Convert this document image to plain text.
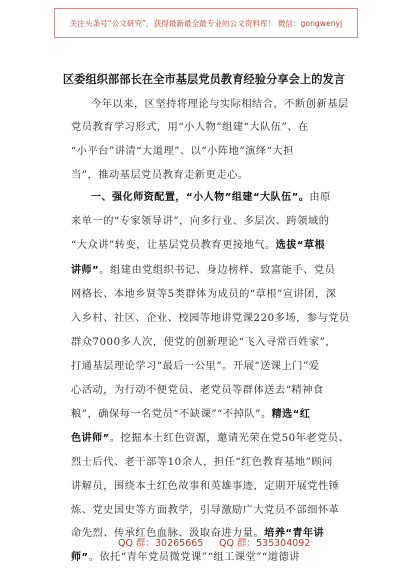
关注头条号“公文研究”，获得最新最全最专业的公文资料库！ 微信：gongwenyj
区委组织部部长在全市基层党员教育经验分享会上的发言
今年以来，区坚持将理论与实际相结合，不断创新基层
党员教育学习形式，用“小人物”组建“大队伍”、在
“小平台”讲清“大道理”、以“小阵地”演绎“大担
当”，推动基层党员教育走新更走心。
一、强化师资配置，“小人物”组建“大队伍”。由原
来单一的“专家领导讲”，向多行业、多层次、跨领域的
“大众讲”转变，让基层党员教育更接地气。选拔“草根
讲师”。组建由党组织书记、身边榜样、致富能手、党员
网格长、本地乡贤等5类群体为成员的“草根”宣讲团，深
入乡村、社区、企业、校园等地讲党课220多场，参与党员
群众7000多人次，使党的创新理论“飞入寻常百姓家”，
打通基层理论学习“最后一公里”。开展“送课上门”爱
心活动，为行动不便党员、老党员等群体送去“精神食
粮”，确保每一名党员“不缺课”“不掉队”。精选“红
色讲师”。挖掘本土红色资源，邀请光荣在党50年老党员、
烈士后代、老干部等10余人，担任“红色教育基地”顾问
讲解员，围绕本土红色故事和英雄事迹，定期开展党性锤
炼、党史国史等方面教学，引导激励广大党员不部细怀革
命先烈、传承红色血脉、汲取奋进力量。培养“青年讲
师”。依托“青年党员微党课”“组工课堂”“道德讲
QQ 群：30265665 QQ 群：535304092
